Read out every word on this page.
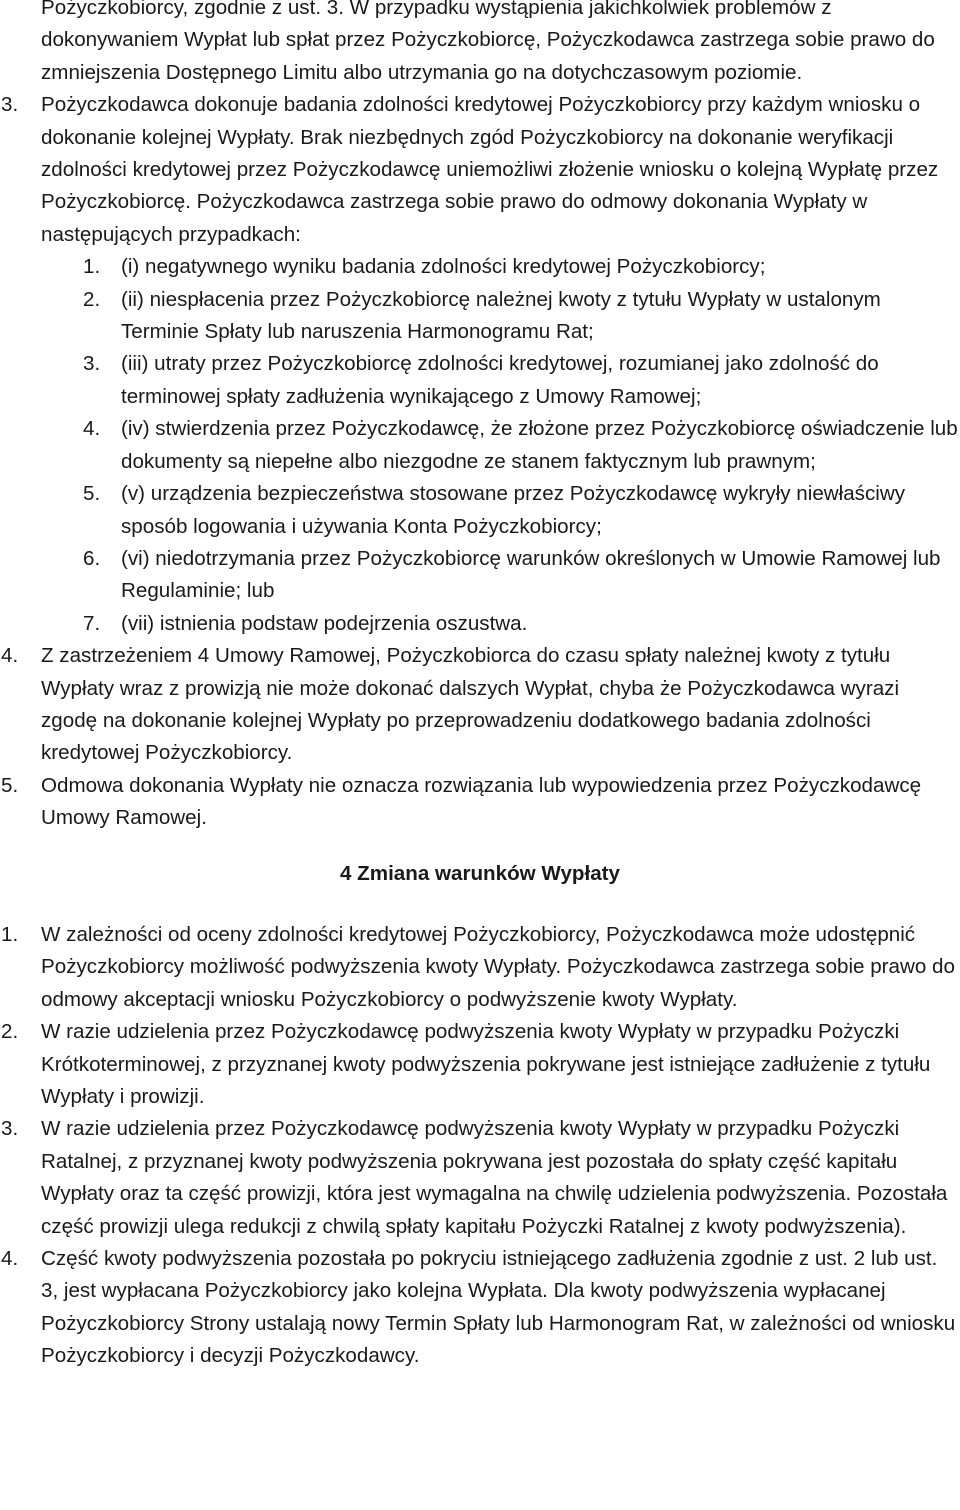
Pożyczkobiorcy, zgodnie z ust. 3. W przypadku wystąpienia jakichkolwiek problemów z dokonywaniem Wypłat lub spłat przez Pożyczkobiorcę, Pożyczkodawca zastrzega sobie prawo do zmniejszenia Dostępnego Limitu albo utrzymania go na dotychczasowym poziomie.
3. Pożyczkodawca dokonuje badania zdolności kredytowej Pożyczkobiorcy przy każdym wniosku o dokonanie kolejnej Wypłaty. Brak niezbędnych zgód Pożyczkobiorcy na dokonanie weryfikacji zdolności kredytowej przez Pożyczkodawcę uniemożliwi złożenie wniosku o kolejną Wypłatę przez Pożyczkobiorcę. Pożyczkodawca zastrzega sobie prawo do odmowy dokonania Wypłaty w następujących przypadkach:
1. (i) negatywnego wyniku badania zdolności kredytowej Pożyczkobiorcy;
2. (ii) niespłacenia przez Pożyczkobiorcę należnej kwoty z tytułu Wypłaty w ustalonym Terminie Spłaty lub naruszenia Harmonogramu Rat;
3. (iii) utraty przez Pożyczkobiorcę zdolności kredytowej, rozumianej jako zdolność do terminowej spłaty zadłużenia wynikającego z Umowy Ramowej;
4. (iv) stwierdzenia przez Pożyczkodawcę, że złożone przez Pożyczkobiorcę oświadczenie lub dokumenty są niepełne albo niezgodne ze stanem faktycznym lub prawnym;
5. (v) urządzenia bezpieczeństwa stosowane przez Pożyczkodawcę wykryły niewłaściwy sposób logowania i używania Konta Pożyczkobiorcy;
6. (vi) niedotrzymania przez Pożyczkobiorcę warunków określonych w Umowie Ramowej lub Regulaminie; lub
7. (vii) istnienia podstaw podejrzenia oszustwa.
4. Z zastrzeżeniem 4 Umowy Ramowej, Pożyczkobiorca do czasu spłaty należnej kwoty z tytułu Wypłaty wraz z prowizją nie może dokonać dalszych Wypłat, chyba że Pożyczkodawca wyrazi zgodę na dokonanie kolejnej Wypłaty po przeprowadzeniu dodatkowego badania zdolności kredytowej Pożyczkobiorcy.
5. Odmowa dokonania Wypłaty nie oznacza rozwiązania lub wypowiedzenia przez Pożyczkodawcę Umowy Ramowej.
4 Zmiana warunków Wypłaty
1. W zależności od oceny zdolności kredytowej Pożyczkobiorcy, Pożyczkodawca może udostępnić Pożyczkobiorcy możliwość podwyższenia kwoty Wypłaty. Pożyczkodawca zastrzega sobie prawo do odmowy akceptacji wniosku Pożyczkobiorcy o podwyższenie kwoty Wypłaty.
2. W razie udzielenia przez Pożyczkodawcę podwyższenia kwoty Wypłaty w przypadku Pożyczki Krótkoterminowej, z przyznanej kwoty podwyższenia pokrywane jest istniejące zadłużenie z tytułu Wypłaty i prowizji.
3. W razie udzielenia przez Pożyczkodawcę podwyższenia kwoty Wypłaty w przypadku Pożyczki Ratalnej, z przyznanej kwoty podwyższenia pokrywana jest pozostała do spłaty część kapitału Wypłaty oraz ta część prowizji, która jest wymagalna na chwilę udzielenia podwyższenia. Pozostała część prowizji ulega redukcji z chwilą spłaty kapitału Pożyczki Ratalnej z kwoty podwyższenia).
4. Część kwoty podwyższenia pozostała po pokryciu istniejącego zadłużenia zgodnie z ust. 2 lub ust. 3, jest wypłacana Pożyczkobiorcy jako kolejna Wypłata. Dla kwoty podwyższenia wypłacanej Pożyczkobiorcy Strony ustalają nowy Termin Spłaty lub Harmonogram Rat, w zależności od wniosku Pożyczkobiorcy i decyzji Pożyczkodawcy.
